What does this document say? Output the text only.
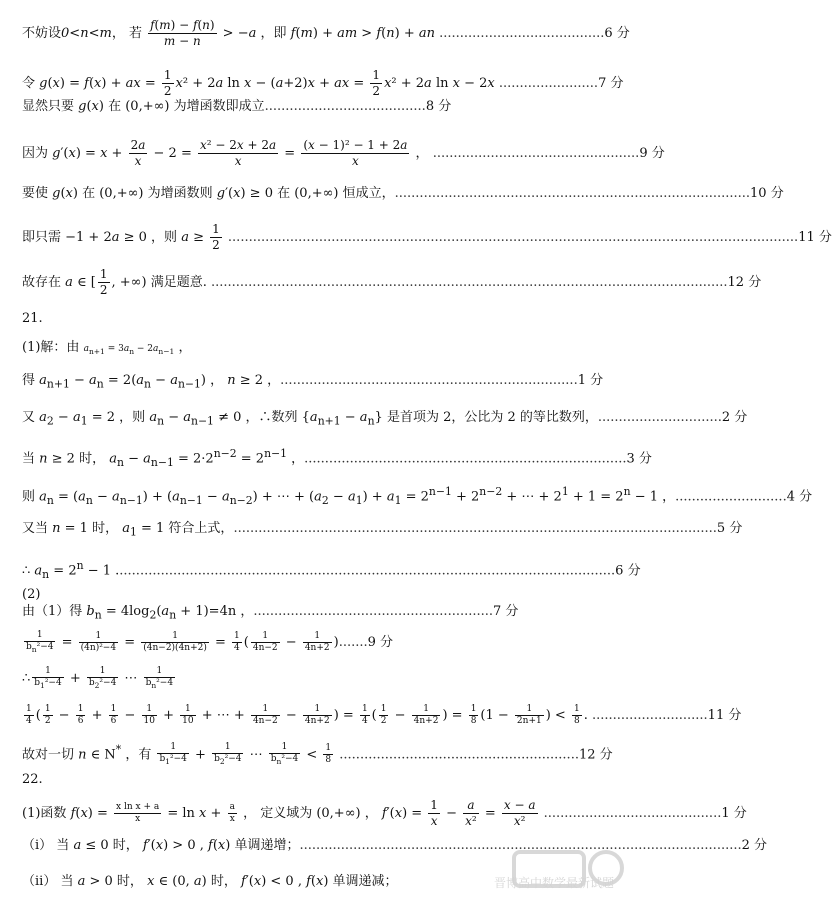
不妨设0<n<m， 若 $\frac{f(m) - f(n)}{m - n} > -a$ ，即 f(m) + am > f(n) + an ........................................6 分
令 g(x) = f(x) + ax = $\frac{1}{2} x^2 + 2a$ ln x − (a+2)x + ax = $\frac{1}{2} x^2 + 2a$ ln x − 2x ........................7 分
显然只要 g(x) 在 (0,+∞) 为增函数即成立.......................................8 分
因为 $g'(x) = x + \frac{2a}{x} - 2 = \frac{\text{x² − 2x + 2a}}{x} = \frac{\text{(x − 1)² − 1 + 2a}}{x}$ ， ..................................................9 分
要使 g(x) 在 (0,+∞) 为增函数则 g′(x) ≥ 0 在 (0,+∞) 恒成立，......................................................................................10 分
即只需 −1 + 2a ≥ 0 ，则 $a \ge \frac{1}{2}$ ..........................................................................................................................................11 分
故存在 a ∈ [ $\frac{1}{2}$ , +∞) 满足题意. .............................................................................................................................12 分
21.
(1)解：由 $a_{n+1} = 3a_n - 2a_{n-1}$ ，
得 $a_{n+1} - a_n = 2(a_n - a_{n-1})$ ， n ≥ 2 ，........................................................................1 分
又 $a_2 - a_1 = 2$ ，则 $a_n - a_{n-1} \ne 0$ ，∴数列 $\{a_{n+1} - a_n\}$ 是首项为 2，公比为 2 的等比数列，..............................2 分
当 n ≥ 2 时， $a_n - a_{n-1} = 2\cdot 2^{n-2} = 2^{n-1}$ ，..............................................................................3 分
则 $a_n = (a_n - a_{n-1}) + (a_{n-1} - a_{n-2})$ + ⋯ + $(a_2 - a_1) + a_1 = 2^{n-1} + 2^{n-2}$ + ⋯ + $2^1 + 1 = 2^n - 1$ ，...........................4 分
又当 n = 1 时， $a_1 = 1$ 符合上式，.....................................................................................................................5 分
∴ $a_n = 2^n - 1$ .........................................................................................................................6 分
(2)
由（1）得 $b_n = 4\log_2(a_n + 1)=4n$ ，..........................................................7 分
$\frac{1}{b_n^2-4} = \frac{1}{\text{(4n)²−4}} = \frac{1}{(4n-2)(4n+2)} = \frac{1}{4}$ ( $\frac{1}{4n-2} - \frac{1}{4n+2} ).......9$ 分
∴ $\frac{1}{b_1^2-4} + \frac{1}{b_2^2-4}$ ⋯ $\frac{1}{b_n^2-4}$
$\frac{1}{4}$ ( $\frac{1}{2} - \frac{1}{6} + \frac{1}{6} - \frac{1}{10} + \frac{1}{10}$ + ⋯ + $\frac{1}{4n-2} - \frac{1}{4n+2}$ ) = $\frac{1}{4}$ ( $\frac{1}{2} - \frac{1}{4n+2}$ ) = $\frac{1}{8} (1 - \frac{1}{2n+1}$ ) < $\frac{1}{8}$ . ............................11 分
故对一切 n ∈ N* ，有 $\frac{1}{b_1^2-4} + \frac{1}{b_2^2-4}$ ⋯ $\frac{1}{b_n^2-4} < \frac{1}{8} ..........................................................12$ 分
22.
(1)函数 $f(x) = \frac{\text{x ln x + a}}{x} = \ln x + \frac{a}{x}$ ， 定义域为 (0,+∞) ， $f'(x) = \frac{1}{x} - \frac{a}{\text{x²}} = \frac{x - a}{\text{x²}} ...........................................1$ 分
（i） 当 a ≤ 0 时， f′(x) > 0 , f(x) 单调递增；...........................................................................................................2 分
（ii） 当 a > 0 时， x ∈ (0, a) 时， f′(x) < 0 , f(x) 单调递减；	晋博高中数学最新试题
